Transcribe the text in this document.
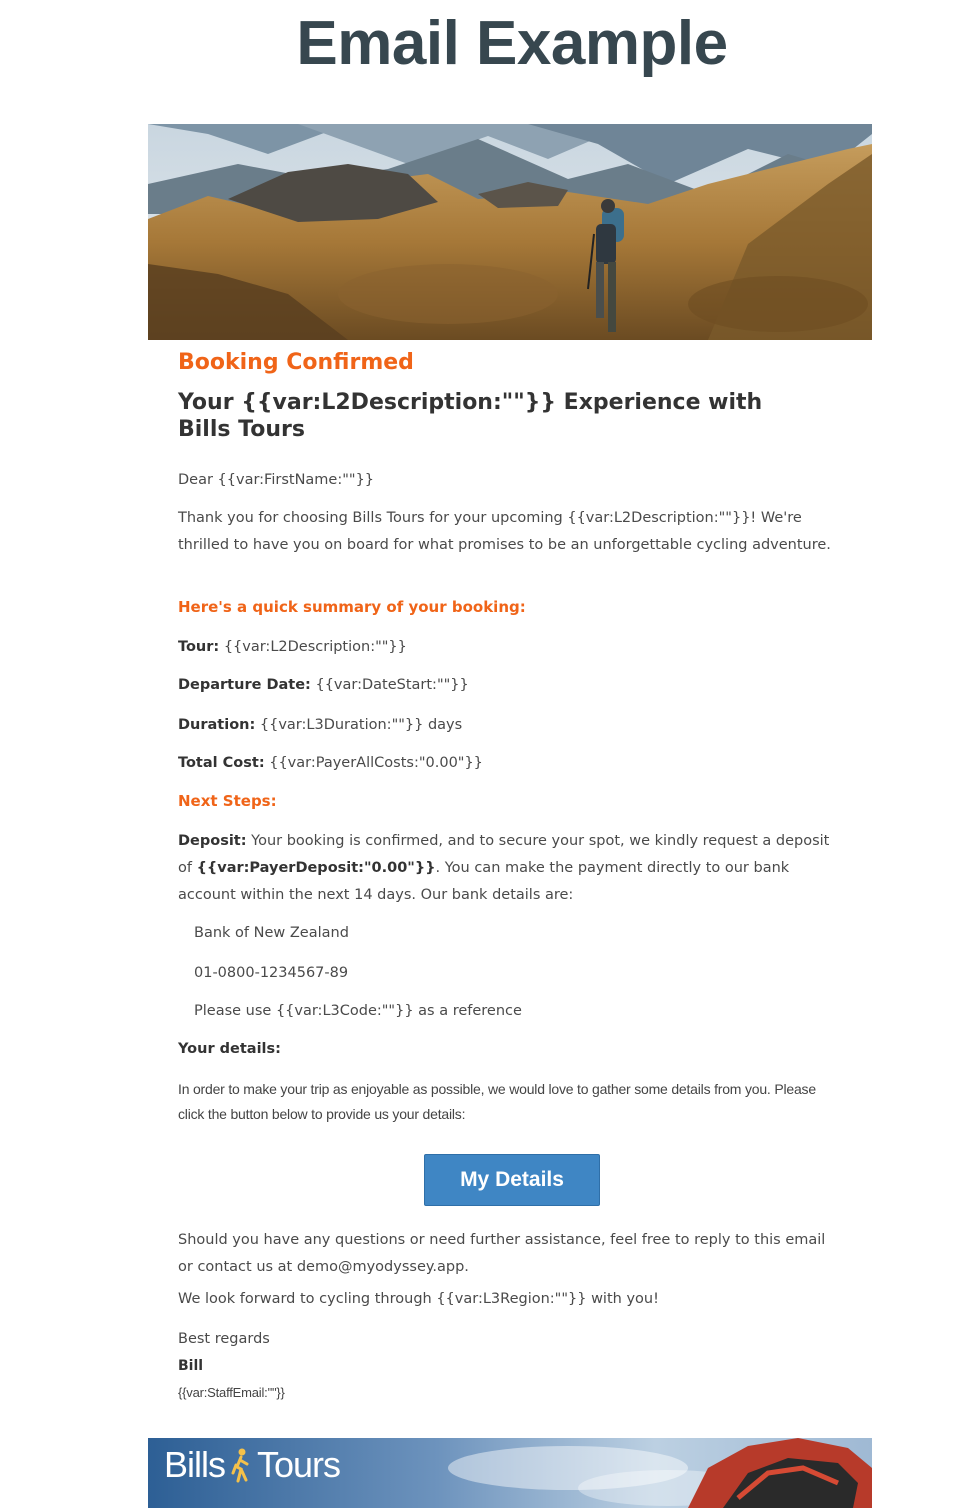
Email Example
Booking Confirmed
Your {{var:L2Description:""}} Experience with Bills Tours
Dear {{var:FirstName:""}}
Thank you for choosing Bills Tours for your upcoming {{var:L2Description:""}}! We're thrilled to have you on board for what promises to be an unforgettable cycling adventure.
Here's a quick summary of your booking:
Tour: {{var:L2Description:""}}
Departure Date: {{var:DateStart:""}}
Duration: {{var:L3Duration:""}} days
Total Cost: {{var:PayerAllCosts:"0.00"}}
Next Steps:
Deposit: Your booking is confirmed, and to secure your spot, we kindly request a deposit of {{var:PayerDeposit:"0.00"}}. You can make the payment directly to our bank account within the next 14 days. Our bank details are:
Bank of New Zealand
01-0800-1234567-89
Please use {{var:L3Code:""}} as a reference
Your details:
In order to make your trip as enjoyable as possible, we would love to gather some details from you. Please click the button below to provide us your details:
My Details
Should you have any questions or need further assistance, feel free to reply to this email or contact us at demo@myodyssey.app.
We look forward to cycling through {{var:L3Region:""}} with you!
Best regards
Bill
{{var:StaffEmail:""}}
Bills Tours
